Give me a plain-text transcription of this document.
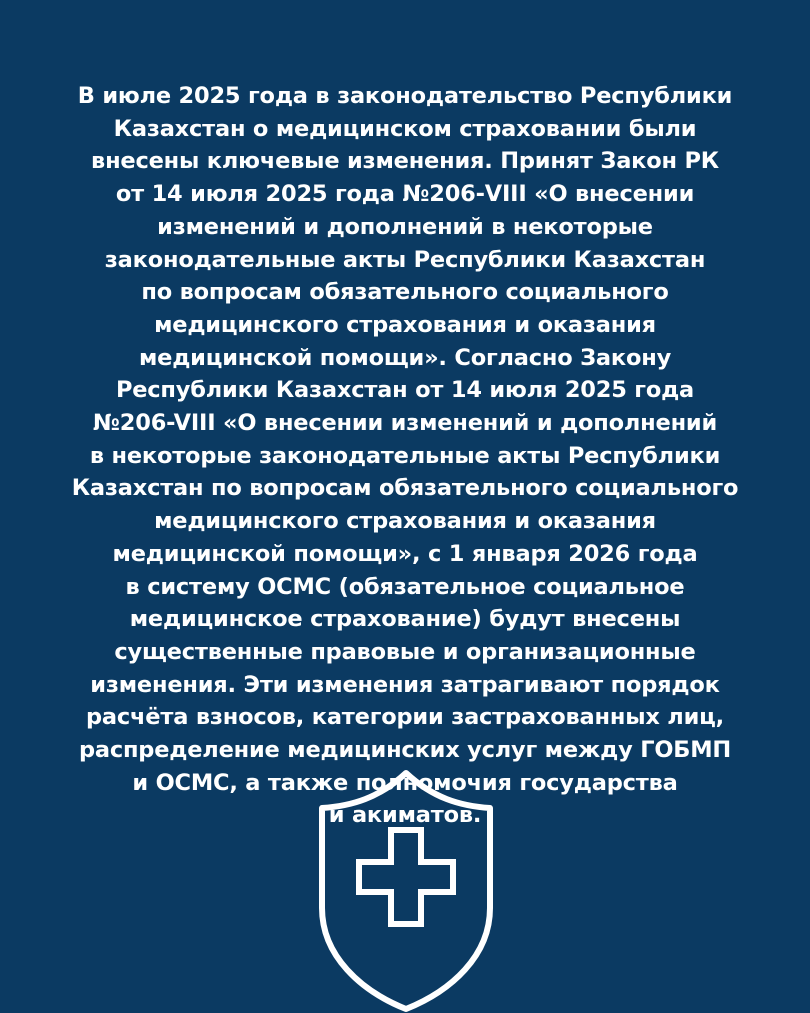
В июле 2025 года в законодательство Республики
Казахстан о медицинском страховании были
внесены ключевые изменения. Принят Закон РК
от 14 июля 2025 года №206-VIII «О внесении
изменений и дополнений в некоторые
законодательные акты Республики Казахстан
по вопросам обязательного социального
медицинского страхования и оказания
медицинской помощи». Согласно Закону
Республики Казахстан от 14 июля 2025 года
№206-VIII «О внесении изменений и дополнений
в некоторые законодательные акты Республики
Казахстан по вопросам обязательного социального
медицинского страхования и оказания
медицинской помощи», с 1 января 2026 года
в систему ОСМС (обязательное социальное
медицинское страхование) будут внесены
существенные правовые и организационные
изменения. Эти изменения затрагивают порядок
расчёта взносов, категории застрахованных лиц,
распределение медицинских услуг между ГОБМП
и ОСМС, а также полномочия государства
и акиматов.
